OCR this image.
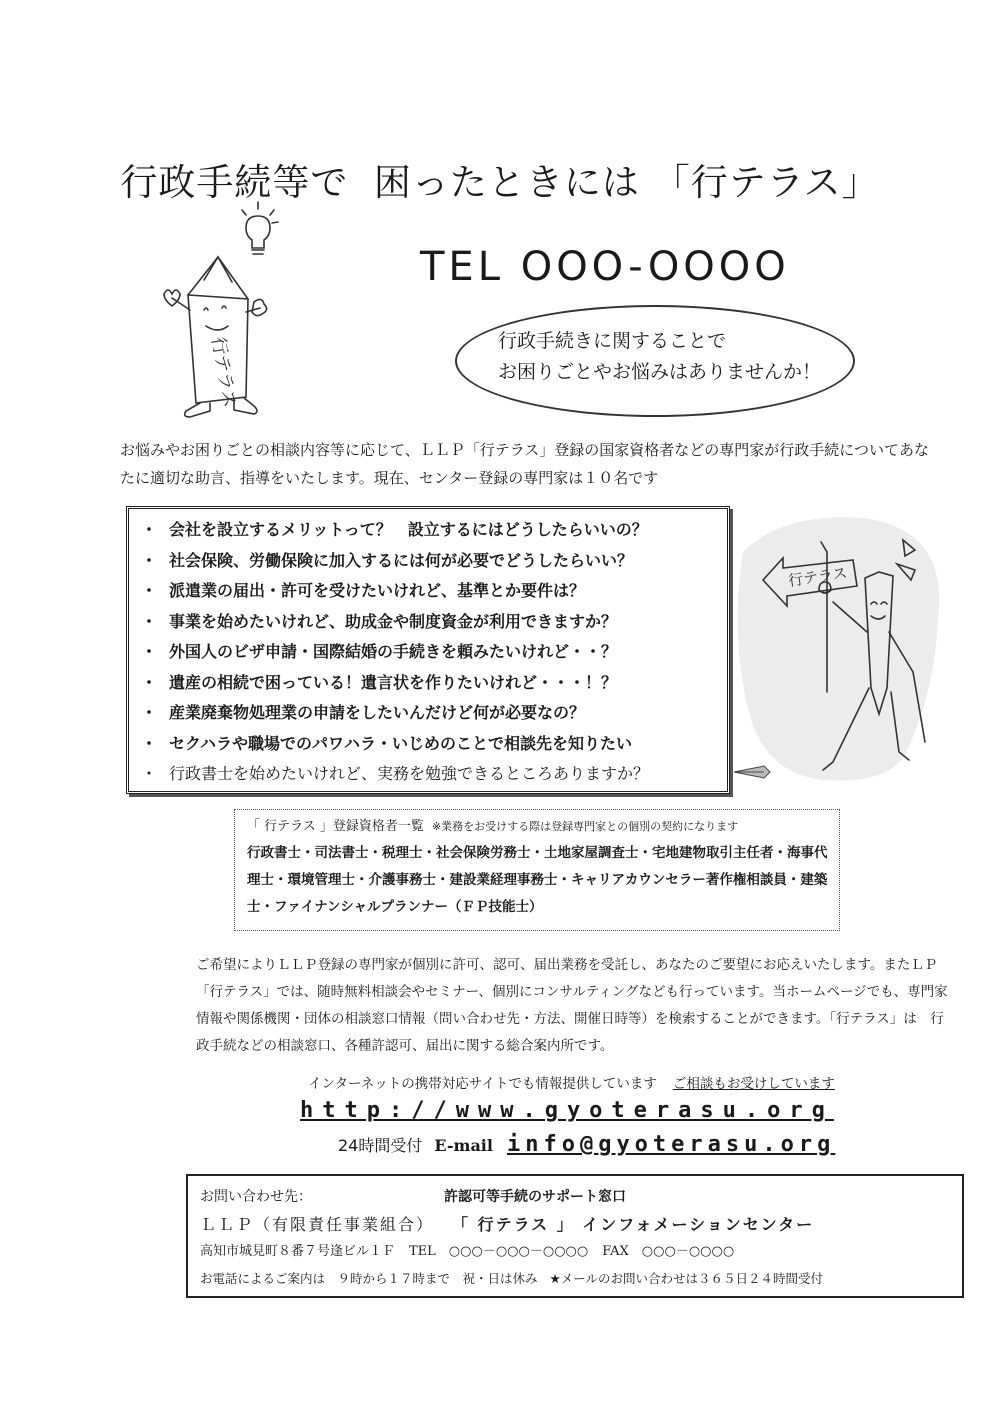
行政手続等で  困ったときには 「行テラス」
行テラス
TEL OOO-OOOO
行政手続きに関することで
お困りごとやお悩みはありませんか！
お悩みやお困りごとの相談内容等に応じて、ＬＬＰ「行テラス」登録の国家資格者などの専門家が行政手続についてあなたに適切な助言、指導をいたします。現在、センター登録の専門家は１０名です
・ 会社を設立するメリットって？　設立するにはどうしたらいいの？
・ 社会保険、労働保険に加入するには何が必要でどうしたらいい？
・ 派遣業の届出・許可を受けたいけれど、基準とか要件は？
・ 事業を始めたいけれど、助成金や制度資金が利用できますか？
・ 外国人のビザ申請・国際結婚の手続きを頼みたいけれど・・？
・ 遺産の相続で困っている！遺言状を作りたいけれど・・・！？
・ 産業廃棄物処理業の申請をしたいんだけど何が必要なの？
・ セクハラや職場でのパワハラ・いじめのことで相談先を知りたい
・ 行政書士を始めたいけれど、実務を勉強できるところありますか？
行テラス
「 行テラス 」登録資格者一覧 ※業務をお受けする際は登録専門家との個別の契約になります
行政書士・司法書士・税理士・社会保険労務士・土地家屋調査士・宅地建物取引主任者・海事代理士・環境管理士・介護事務士・建設業経理事務士・キャリアカウンセラー著作権相談員・建築士・ファイナンシャルプランナー（ＦＰ技能士）
ご希望によりＬＬＰ登録の専門家が個別に許可、認可、届出業務を受託し、あなたのご要望にお応えいたします。またＬＰ「行テラス」では、随時無料相談会やセミナー、個別にコンサルティングなども行っています。当ホームページでも、専門家情報や関係機関・団体の相談窓口情報（問い合わせ先・方法、開催日時等）を検索することができます。「行テラス」は　行政手続などの相談窓口、各種許認可、届出に関する総合案内所です。
インターネットの携帯対応サイトでも情報提供しています ご相談もお受けしています
http://www.gyoterasu.org
24時間受付 E-mail info@gyoterasu.org
お問い合わせ先：	許認可等手続のサポート窓口
ＬＬＰ（有限責任事業組合） 「 行テラス 」 インフォメーションセンター
高知市城見町８番７号逢ビル１Ｆ TEL　○○○－○○○－○○○○ FAX　○○○－○○○○
お電話によるご案内は　９時から１７時まで　祝・日は休み ★メールのお問い合わせは３６５日２４時間受付
